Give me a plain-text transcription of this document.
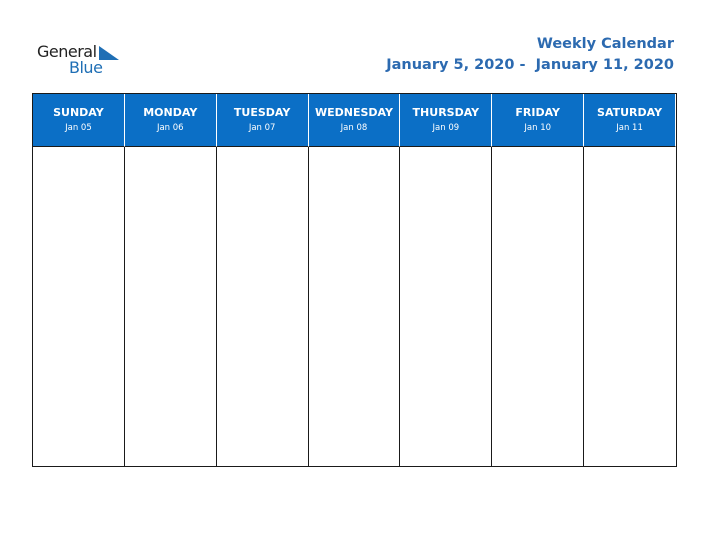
General
Blue
Weekly Calendar
January 5, 2020 -  January 11, 2020
SUNDAY
Jan 05
MONDAY
Jan 06
TUESDAY
Jan 07
WEDNESDAY
Jan 08
THURSDAY
Jan 09
FRIDAY
Jan 10
SATURDAY
Jan 11
